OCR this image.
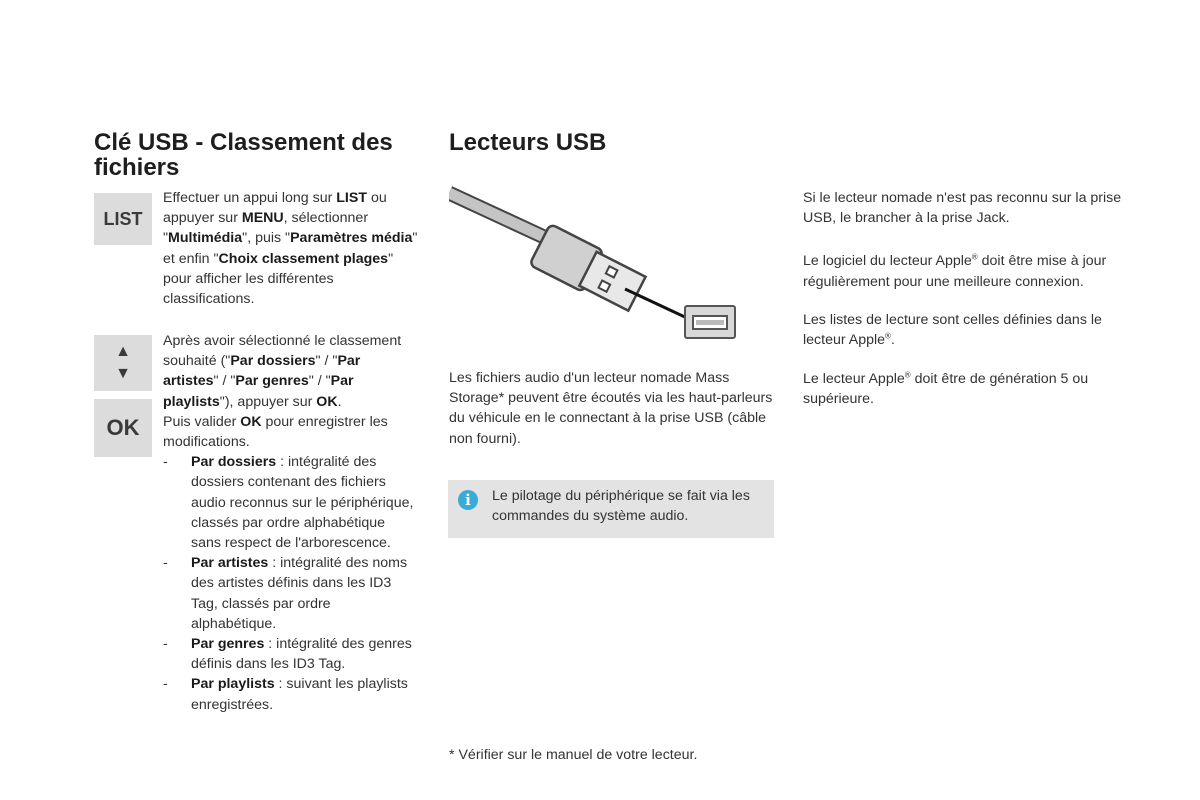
Clé USB - Classement des fichiers
LIST
Effectuer un appui long sur LIST ou appuyer sur MENU, sélectionner "Multimédia", puis "Paramètres média" et enfin "Choix classement plages" pour afficher les différentes classifications.
▲
▼
OK
Après avoir sélectionné le classement souhaité ("Par dossiers" / "Par artistes" / "Par genres" / "Par playlists"), appuyer sur OK.
Puis valider OK pour enregistrer les modifications.
- Par dossiers : intégralité des dossiers contenant des fichiers audio reconnus sur le périphérique, classés par ordre alphabétique sans respect de l'arborescence.
- Par artistes : intégralité des noms des artistes définis dans les ID3 Tag, classés par ordre alphabétique.
- Par genres : intégralité des genres définis dans les ID3 Tag.
- Par playlists : suivant les playlists enregistrées.
Lecteurs USB
Les fichiers audio d'un lecteur nomade Mass Storage* peuvent être écoutés via les haut-parleurs du véhicule en le connectant à la prise USB (câble non fourni).
i	Le pilotage du périphérique se fait via les commandes du système audio.
* Vérifier sur le manuel de votre lecteur.
Si le lecteur nomade n'est pas reconnu sur la prise USB, le brancher à la prise Jack.
Le logiciel du lecteur Apple® doit être mise à jour régulièrement pour une meilleure connexion.
Les listes de lecture sont celles définies dans le lecteur Apple®.
Le lecteur Apple® doit être de génération 5 ou supérieure.
